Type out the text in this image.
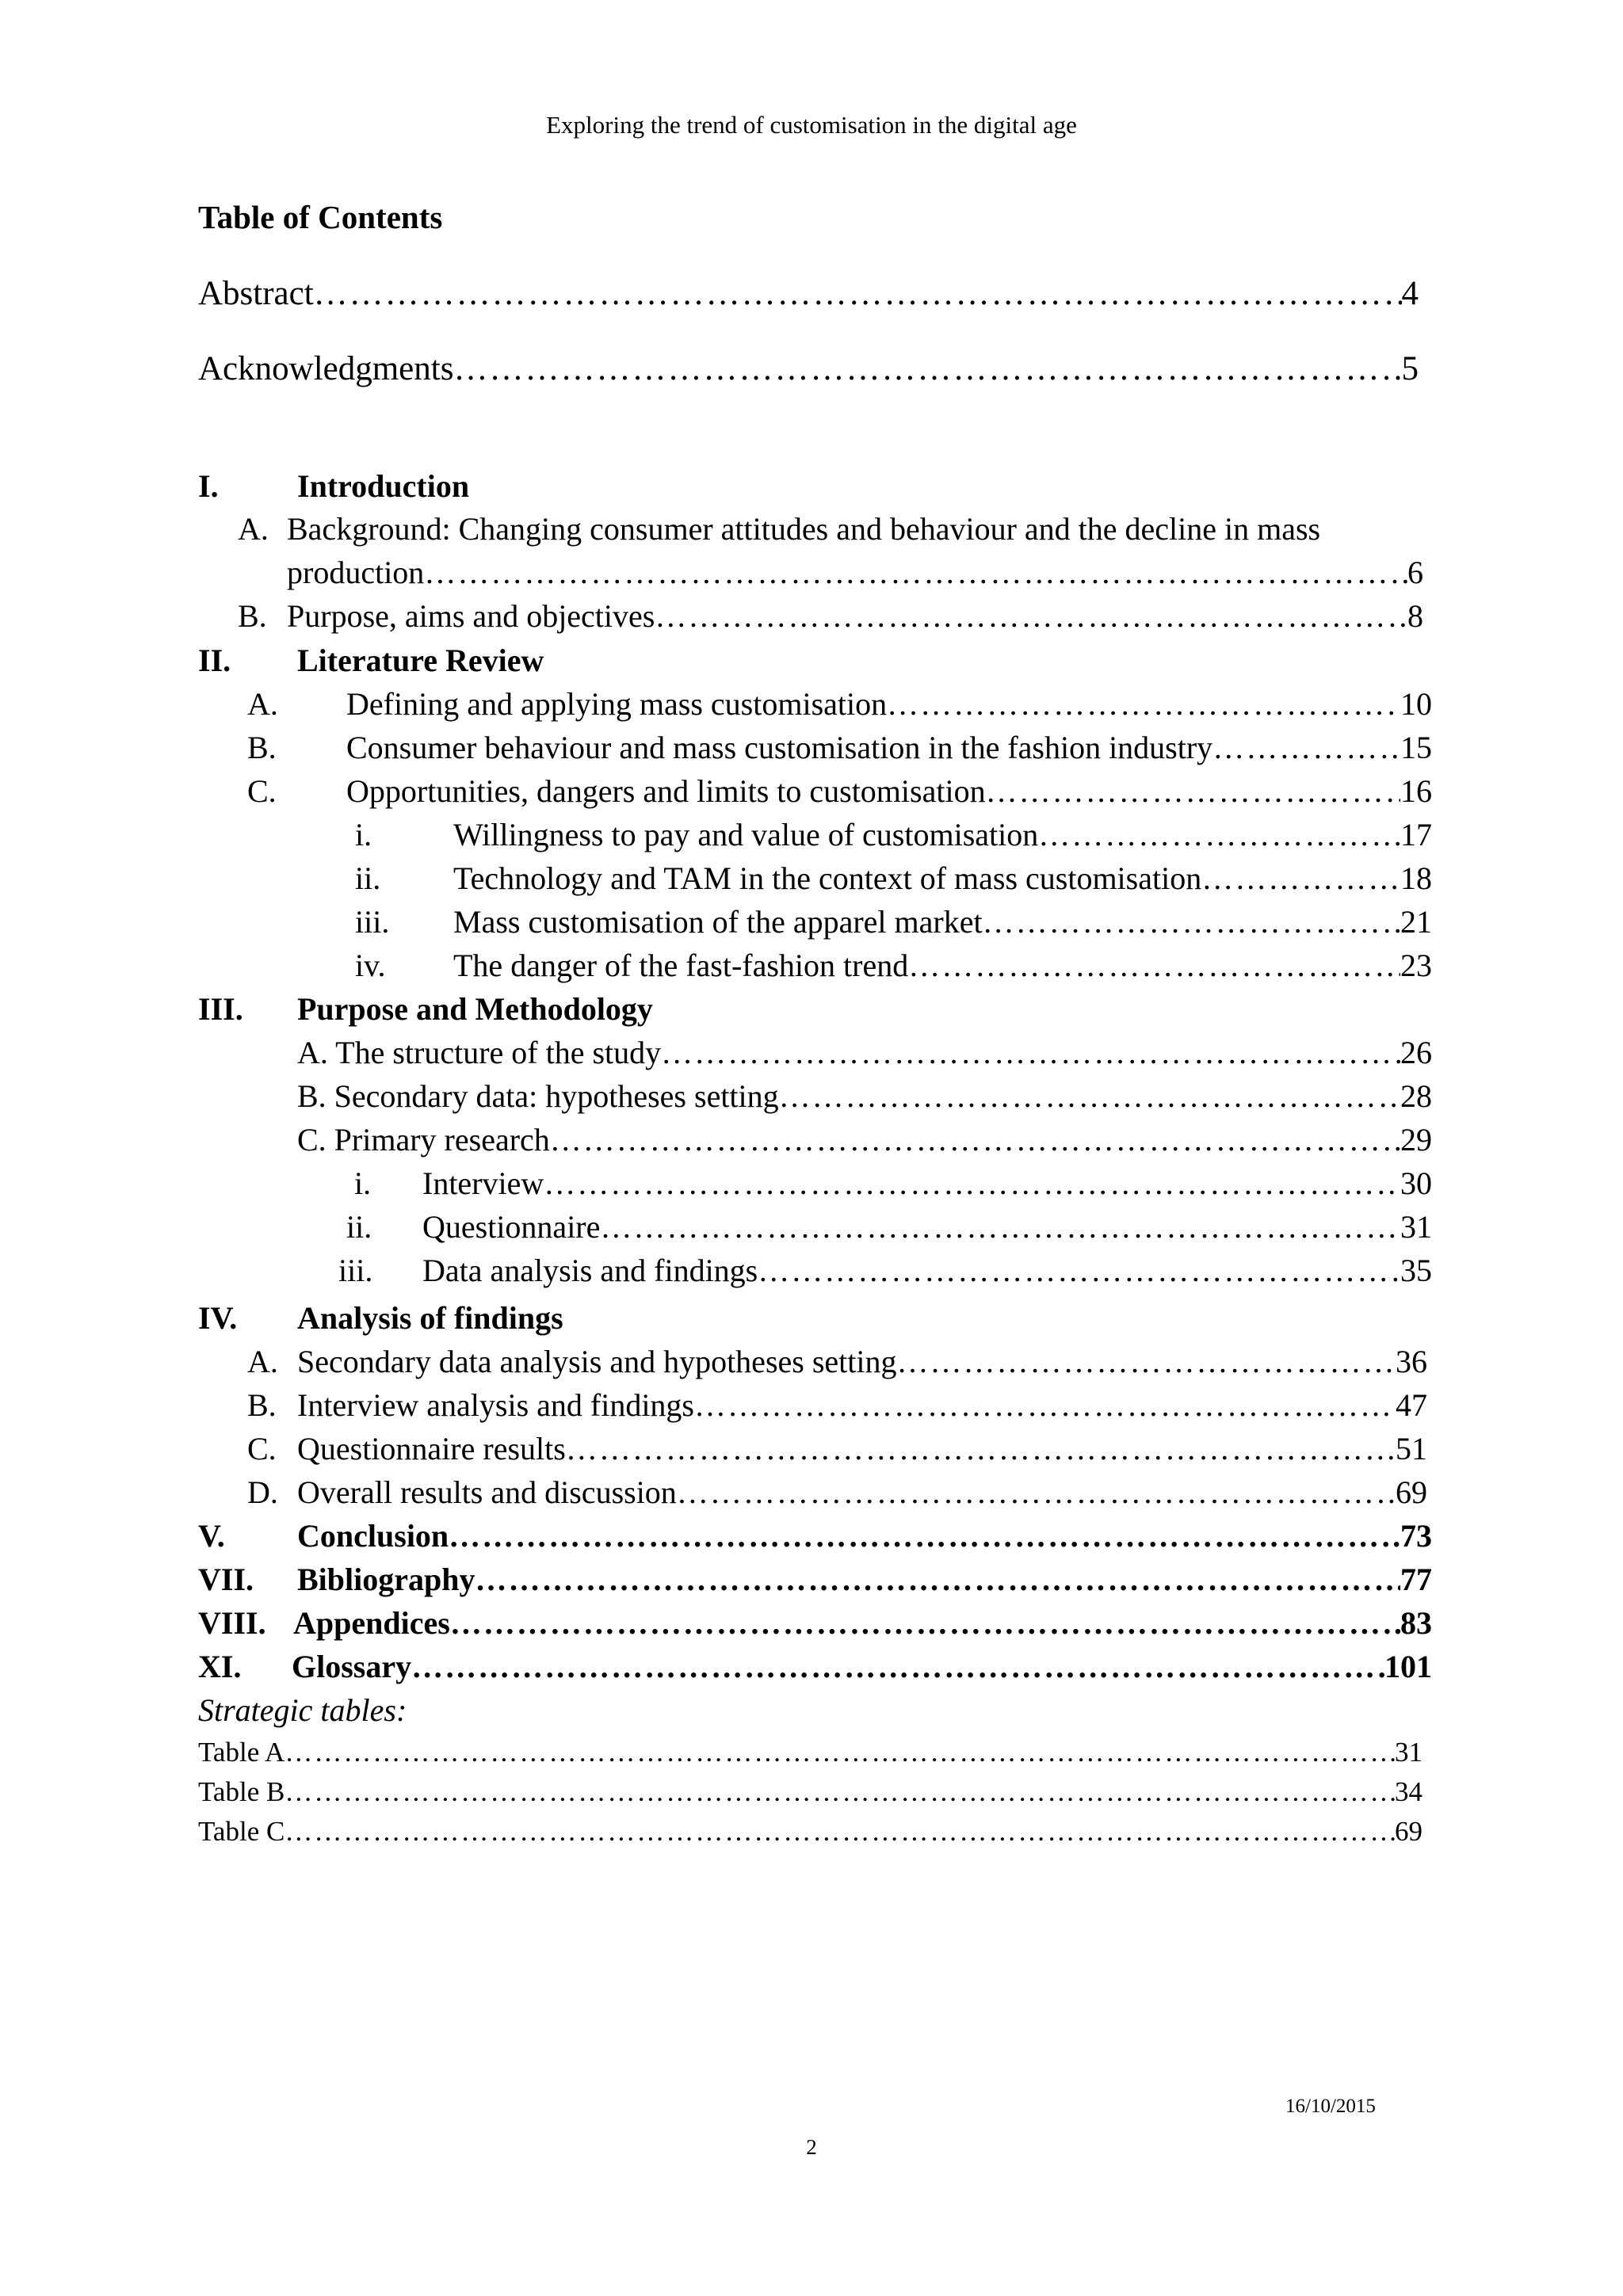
Exploring the trend of customisation in the digital age
Table of Contents
Abstract …………………………………………………………………………………………………………………………………………………………………………………………………………………………………………………………………	4
Acknowledgments …………………………………………………………………………………………………………………………………………………………………………………………………………………………………………………………………	5
I. Introduction
A. Background: Changing consumer attitudes and behaviour and the decline in mass
production …………………………………………………………………………………………………………………………………………………………………………………………………………………………………………………………………	6
B. Purpose, aims and objectives …………………………………………………………………………………………………………………………………………………………………………………………………………………………………………………………………	8
II. Literature Review
A. Defining and applying mass customisation …………………………………………………………………………………………………………………………………………………………………………………………………………………………………………………………………	10
B. Consumer behaviour and mass customisation in the fashion industry …………………………………………………………………………………………………………………………………………………………………………………………………………………………………………………………………	15
C. Opportunities, dangers and limits to customisation …………………………………………………………………………………………………………………………………………………………………………………………………………………………………………………………………	16
i.	Willingness to pay and value of customisation …………………………………………………………………………………………………………………………………………………………………………………………………………………………………………………………………	17
ii. Technology and TAM in the context of mass customisation …………………………………………………………………………………………………………………………………………………………………………………………………………………………………………………………………	18
iii. Mass customisation of the apparel market …………………………………………………………………………………………………………………………………………………………………………………………………………………………………………………………………	21
iv. The danger of the fast-fashion trend …………………………………………………………………………………………………………………………………………………………………………………………………………………………………………………………………	23
III. Purpose and Methodology
A. The structure of the study …………………………………………………………………………………………………………………………………………………………………………………………………………………………………………………………………	26
B. Secondary data: hypotheses setting …………………………………………………………………………………………………………………………………………………………………………………………………………………………………………………………………	28
C. Primary research …………………………………………………………………………………………………………………………………………………………………………………………………………………………………………………………………	29
i. Interview …………………………………………………………………………………………………………………………………………………………………………………………………………………………………………………………………	30
ii. Questionnaire …………………………………………………………………………………………………………………………………………………………………………………………………………………………………………………………………	31
iii. Data analysis and findings …………………………………………………………………………………………………………………………………………………………………………………………………………………………………………………………………	35
IV. Analysis of findings
A. Secondary data analysis and hypotheses setting …………………………………………………………………………………………………………………………………………………………………………………………………………………………………………………………………	36
B. Interview analysis and findings …………………………………………………………………………………………………………………………………………………………………………………………………………………………………………………………………	47
C. Questionnaire results …………………………………………………………………………………………………………………………………………………………………………………………………………………………………………………………………	51
D. Overall results and discussion …………………………………………………………………………………………………………………………………………………………………………………………………………………………………………………………………	69
V. Conclusion …………………………………………………………………………………………………………………………………………………………………………………………………………………………………………………………………	73
VII. Bibliography …………………………………………………………………………………………………………………………………………………………………………………………………………………………………………………………………	77
VIII. Appendices …………………………………………………………………………………………………………………………………………………………………………………………………………………………………………………………………	83
XI. Glossary …………………………………………………………………………………………………………………………………………………………………………………………………………………………………………………………………	101
Strategic tables:
Table A …………………………………………………………………………………………………………………………………………………………………………………………………………………………………………………………………	31
Table B …………………………………………………………………………………………………………………………………………………………………………………………………………………………………………………………………	34
Table C …………………………………………………………………………………………………………………………………………………………………………………………………………………………………………………………………	69
16/10/2015
2
